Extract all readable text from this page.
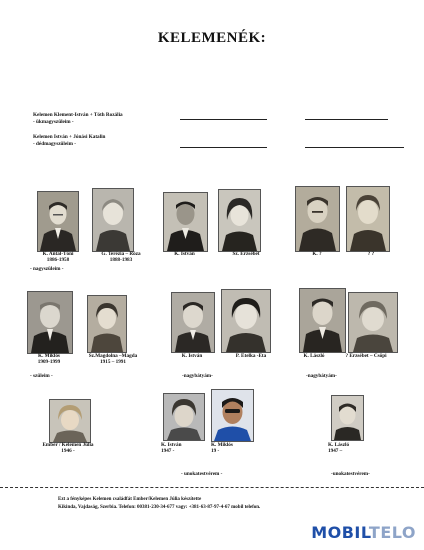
KELEMENÉK:
Kelemen Klement-István + Tóth Rozália
- ükmagyszüleim -
Kelemen István + Jónási Katalin
- dédmagyszüleim -
K. Antal-Tóni
1886-1958
G. Terézia – Róza
1888-1983
K. István	Sz. Erzsébet	K. ?	? ?
- nagyszüleim -
K. Miklós
1909-1999
Sz.Magdolna –Magda
1915 – 1991
K. István	P. Etelka -Eta	K. László	? Erzsébet – Csöpi
- szüleim -	-nagybátyám-	-nagybátyám-
Ember / Kelemen Júlia
1946 -
K. István
1947 -
K. Miklós
19 -
K. László
1947 –
- unokatestvérem -	-unokatestvérem-
Ezt a fényképes Kelemen családfát Ember/Kelemen Júlia készítette
Kikinda, Vajdaság, Szerbia. Telefon: 00381-230-34-677 vagy: +381-63-87-97-4-67 mobil telefon.
MOBILTELO
